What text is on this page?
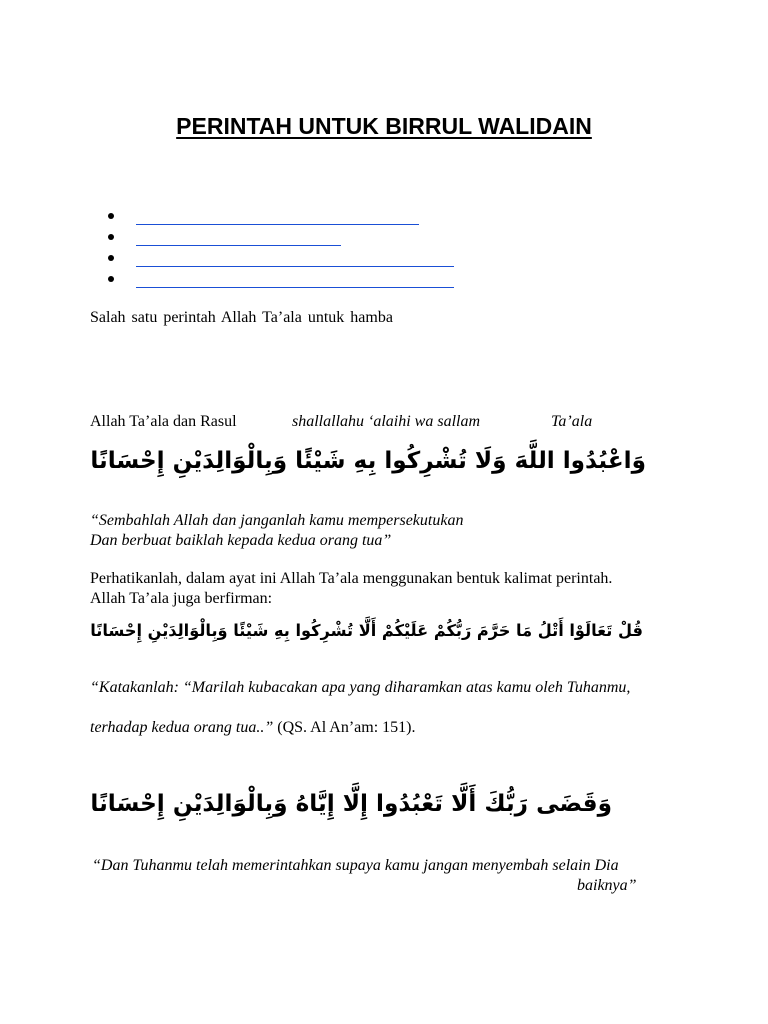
PERINTAH UNTUK BIRRUL WALIDAIN
Salah satu perintah Allah Ta’ala untuk hamba
Allah Ta’ala dan Rasul	shallallahu ‘alaihi wa sallam	Ta’ala
وَاعْبُدُوا اللَّهَ وَلَا تُشْرِكُوا بِهِ شَيْئًا وَبِالْوَالِدَيْنِ إِحْسَانًا
“Sembahlah Allah dan janganlah kamu mempersekutukan
Dan berbuat baiklah kepada kedua orang tua”
Perhatikanlah, dalam ayat ini Allah Ta’ala menggunakan bentuk kalimat perintah.
Allah Ta’ala juga berfirman:
قُلْ تَعَالَوْا أَتْلُ مَا حَرَّمَ رَبُّكُمْ عَلَيْكُمْ أَلَّا تُشْرِكُوا بِهِ شَيْئًا وَبِالْوَالِدَيْنِ إِحْسَانًا
“Katakanlah: “Marilah kubacakan apa yang diharamkan atas kamu oleh Tuhanmu,
terhadap kedua orang tua..” (QS. Al An’am: 151).
وَقَضَى رَبُّكَ أَلَّا تَعْبُدُوا إِلَّا إِيَّاهُ وَبِالْوَالِدَيْنِ إِحْسَانًا
“Dan Tuhanmu telah memerintahkan supaya kamu jangan menyembah selain Dia
baiknya”
